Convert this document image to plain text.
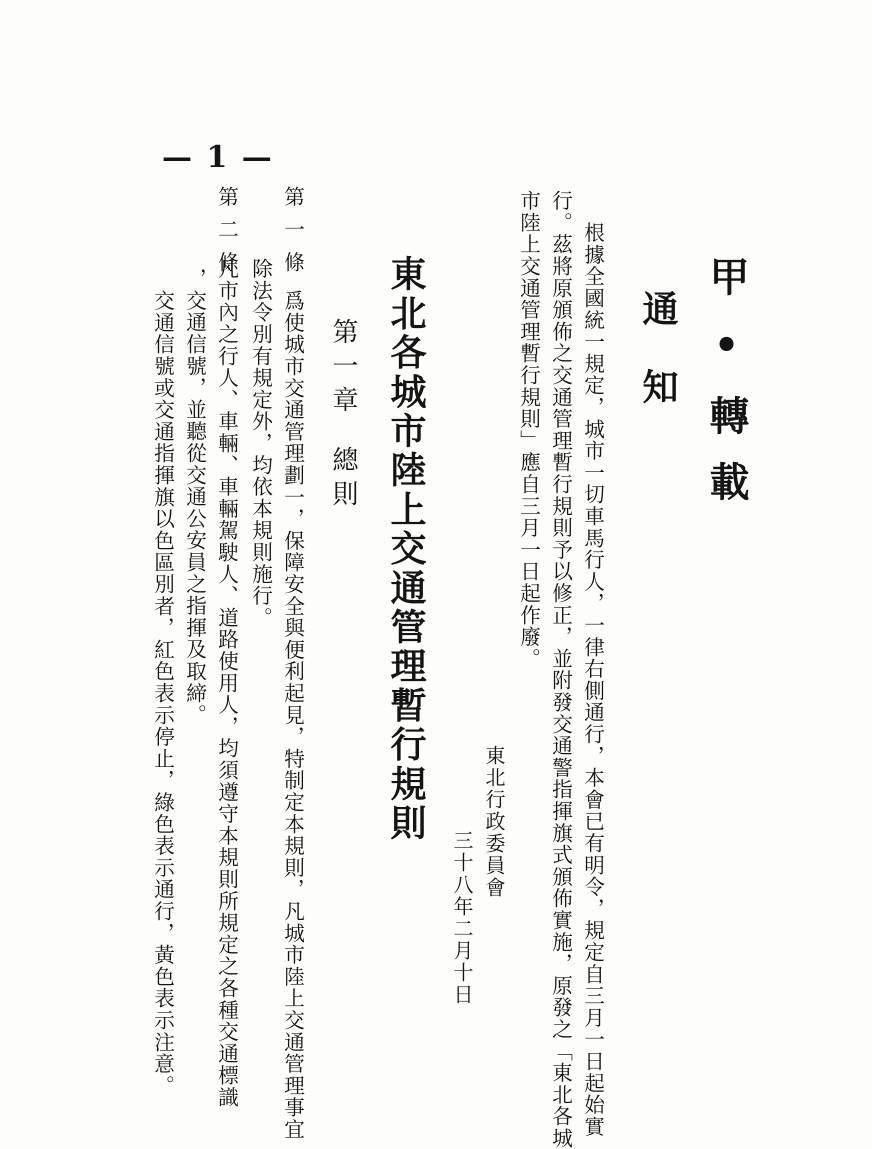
— 1 —
甲•轉載
通知
根據全國統一規定，城市一切車馬行人，一律右側通行，本會已有明令，規定自三月一日起始實
行。茲將原頒佈之交通管理暫行規則予以修正，並附發交通警指揮旗式頒佈實施，原發之「東北各城
市陸上交通管理暫行規則」應自三月一日起作廢。
東北行政委員會
三十八年二月十日
東北各城市陸上交通管理暫行規則
第一章總則
第一條
爲使城市交通管理劃一，保障安全與便利起見，特制定本規則，凡城市陸上交通管理事宜
除法令別有規定外，均依本規則施行。
第二條
凡市內之行人、車輛、車輛駕駛人、道路使用人，均須遵守本規則所規定之各種交通標識
，交通信號，並聽從交通公安員之指揮及取締。
交通信號或交通指揮旗以色區別者，紅色表示停止，綠色表示通行，黃色表示注意。
